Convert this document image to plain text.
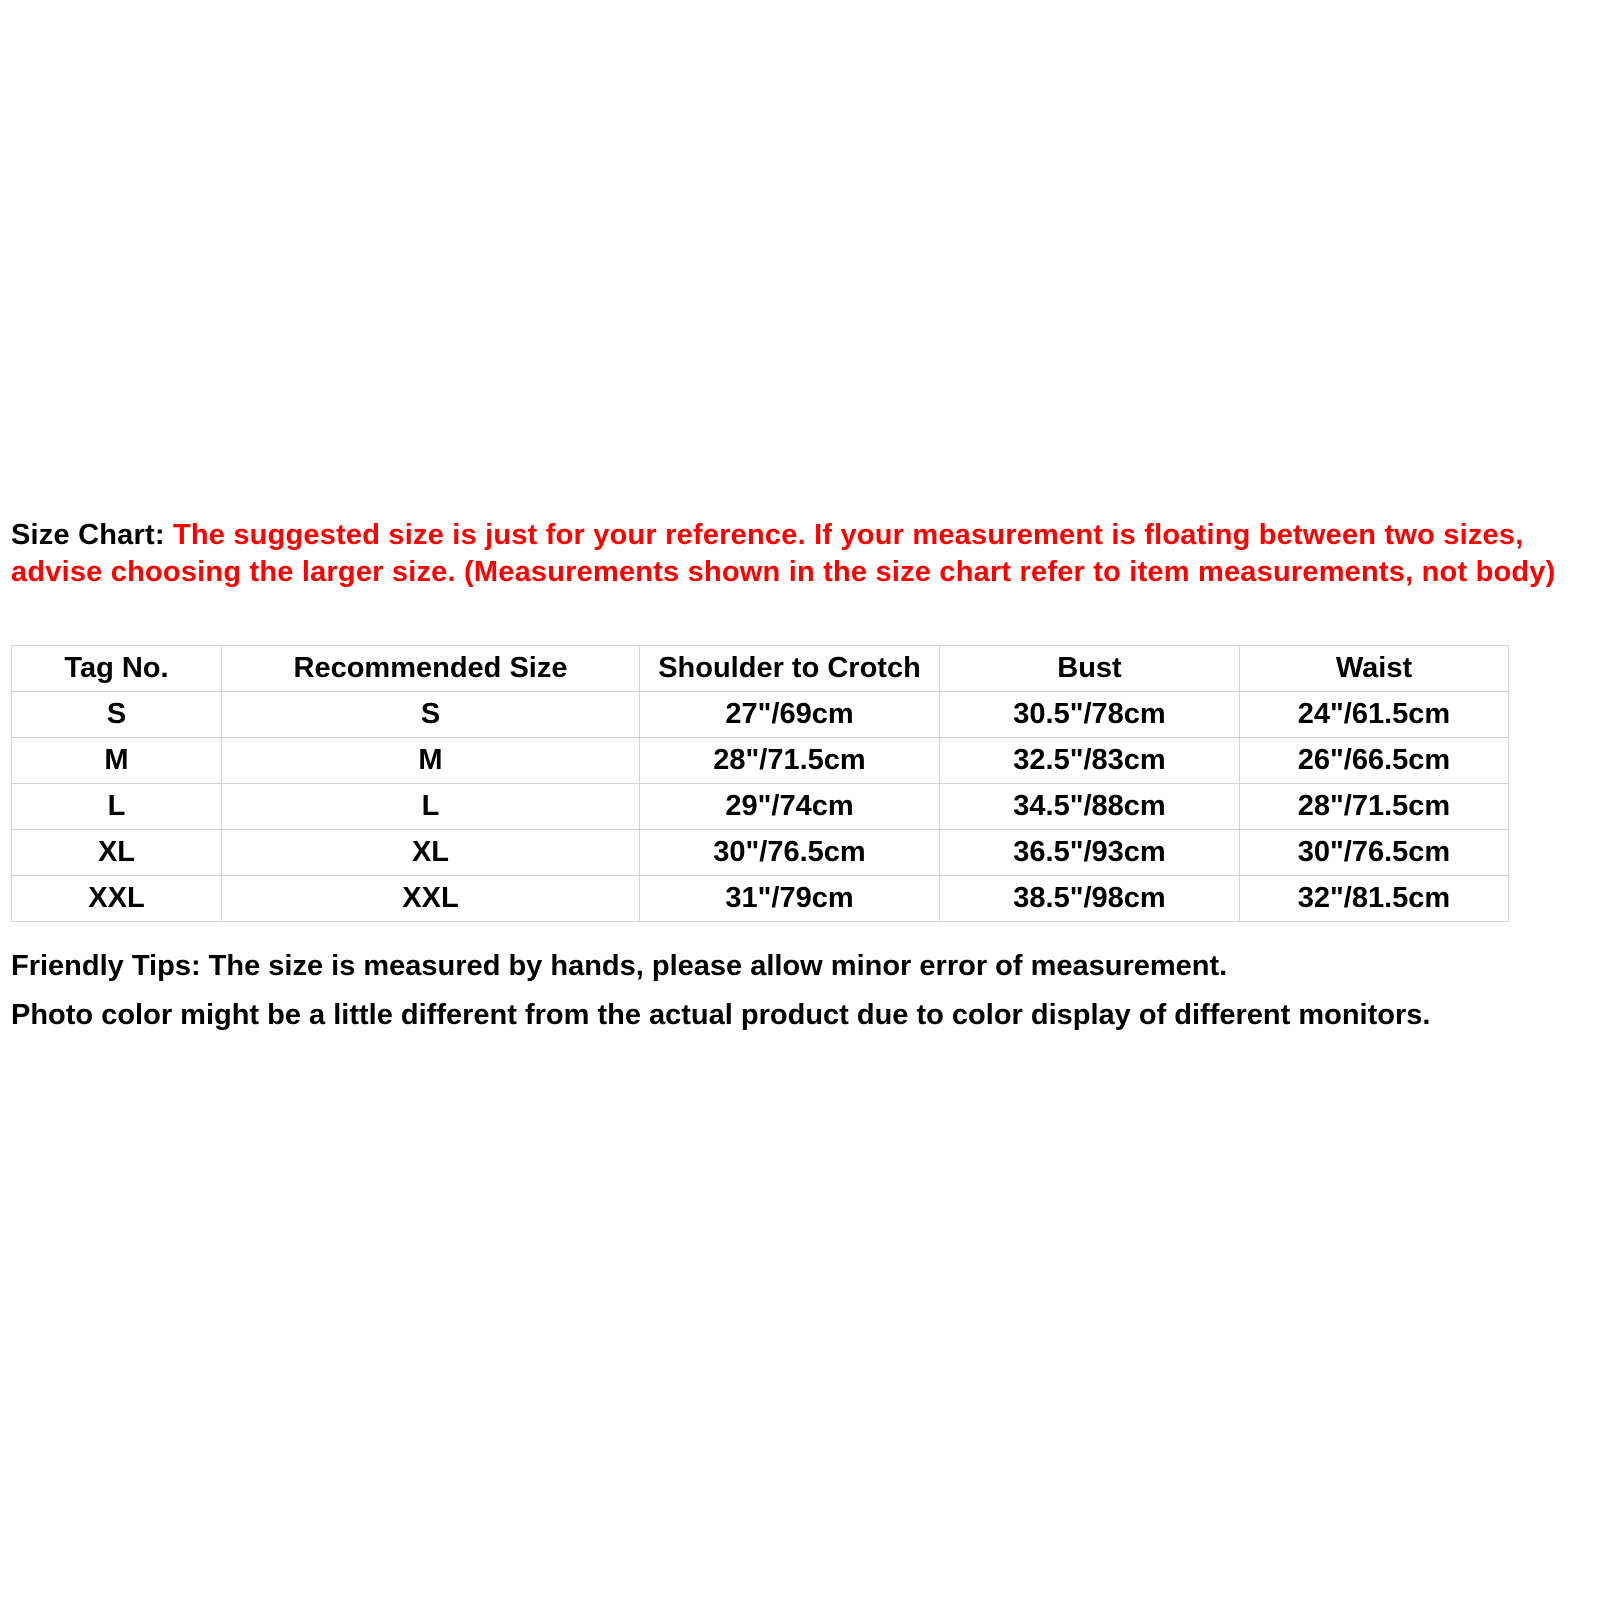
Size Chart: The suggested size is just for your reference. If your measurement is floating between two sizes, advise choosing the larger size. (Measurements shown in the size chart refer to item measurements, not body)
Tag No.	Recommended Size	Shoulder to Crotch	Bust	Waist
S	S	27"/69cm	30.5"/78cm	24"/61.5cm
M	M	28"/71.5cm	32.5"/83cm	26"/66.5cm
L	L	29"/74cm	34.5"/88cm	28"/71.5cm
XL	XL	30"/76.5cm	36.5"/93cm	30"/76.5cm
XXL	XXL	31"/79cm	38.5"/98cm	32"/81.5cm
Friendly Tips: The size is measured by hands, please allow minor error of measurement.
Photo color might be a little different from the actual product due to color display of different monitors.
